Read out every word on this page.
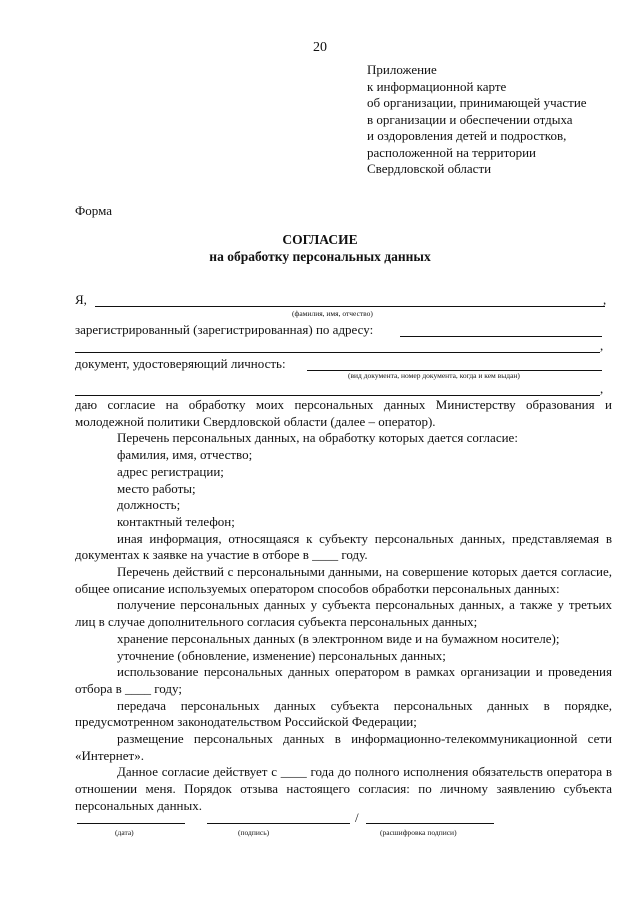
20
Приложение
к информационной карте
об организации, принимающей участие
в организации и обеспечении отдыха
и оздоровления детей и подростков,
расположенной на территории
Свердловской области
Форма
СОГЛАСИЕ
на обработку персональных данных
Я,	,
(фамилия, имя, отчество)
зарегистрированный (зарегистрированная) по адресу:
,
документ, удостоверяющий личность:
(вид документа, номер документа, когда и кем выдан)
,

даю согласие на обработку моих персональных данных Министерству образования и молодежной политики Свердловской области (далее – оператор).

Перечень персональных данных, на обработку которых дается согласие:

фамилия, имя, отчество;

адрес регистрации;

место работы;

должность;

контактный телефон;

иная информация, относящаяся к субъекту персональных данных, представляемая в документах к заявке на участие в отборе в ____ году.

Перечень действий с персональными данными, на совершение которых дается согласие, общее описание используемых оператором способов обработки персональных данных:

получение персональных данных у субъекта персональных данных, а также у третьих лиц в случае дополнительного согласия субъекта персональных данных;

хранение персональных данных (в электронном виде и на бумажном носителе);

уточнение (обновление, изменение) персональных данных;

использование персональных данных оператором в рамках организации и проведения отбора в ____ году;

передача персональных данных субъекта персональных данных в порядке, предусмотренном законодательством Российской Федерации;

размещение персональных данных в информационно-телекоммуникационной сети «Интернет».

Данное согласие действует с ____ года до полного исполнения обязательств оператора в отношении меня. Порядок отзыва настоящего согласия: по личному заявлению субъекта персональных данных.

/
(дата)	(подпись)	(расшифровка подписи)
